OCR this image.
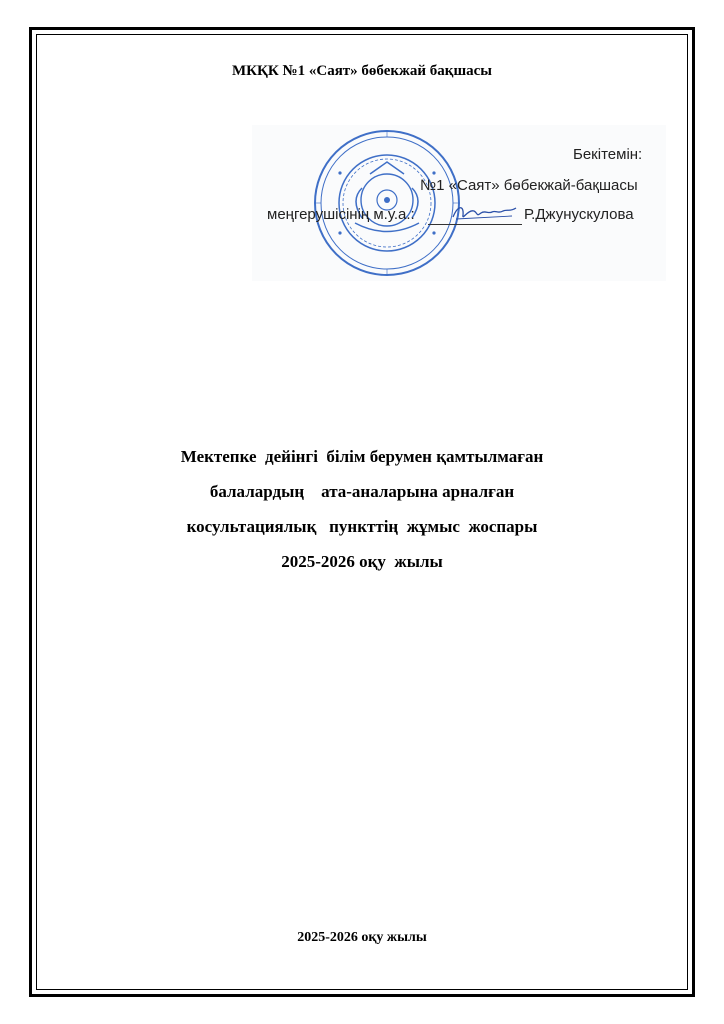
МКҚК №1 «Саят» бөбекжай бақшасы
Бекітемін:
№1 «Саят» бөбекжай-бақшасы
меңгерушісінің м.у.а.:	Р.Джунускулова
Мектепке  дейінгі  білім берумен қамтылмаған
балалардың    ата-аналарына арналған
косультациялық   пункттің  жұмыс  жоспары
2025-2026 оқу  жылы
2025-2026 оқу жылы
